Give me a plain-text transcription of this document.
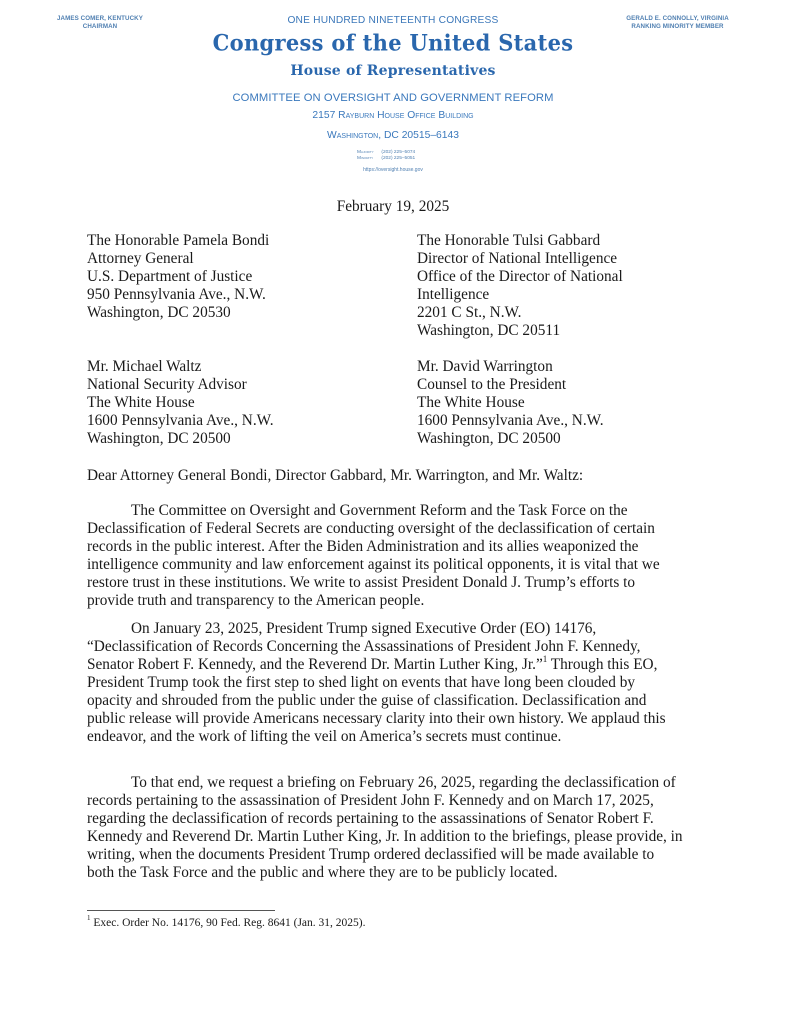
JAMES COMER, KENTUCKY
CHAIRMAN
GERALD E. CONNOLLY, VIRGINIA
RANKING MINORITY MEMBER
ONE HUNDRED NINETEENTH CONGRESS
Congress of the United States
House of Representatives
COMMITTEE ON OVERSIGHT AND GOVERNMENT REFORM
2157 Rayburn House Office Building
Washington, DC 20515–6143
Majority (202) 225–5074
Minority (202) 225–5051
https://oversight.house.gov
February 19, 2025
The Honorable Pamela Bondi
Attorney General
U.S. Department of Justice
950 Pennsylvania Ave., N.W.
Washington, DC 20530
The Honorable Tulsi Gabbard
Director of National Intelligence
Office of the Director of National
Intelligence
2201 C St., N.W.
Washington, DC 20511
Mr. Michael Waltz
National Security Advisor
The White House
1600 Pennsylvania Ave., N.W.
Washington, DC 20500
Mr. David Warrington
Counsel to the President
The White House
1600 Pennsylvania Ave., N.W.
Washington, DC 20500
Dear Attorney General Bondi, Director Gabbard, Mr. Warrington, and Mr. Waltz:
The Committee on Oversight and Government Reform and the Task Force on the
Declassification of Federal Secrets are conducting oversight of the declassification of certain
records in the public interest. After the Biden Administration and its allies weaponized the
intelligence community and law enforcement against its political opponents, it is vital that we
restore trust in these institutions. We write to assist President Donald J. Trump’s efforts to
provide truth and transparency to the American people.
On January 23, 2025, President Trump signed Executive Order (EO) 14176,
“Declassification of Records Concerning the Assassinations of President John F. Kennedy,
Senator Robert F. Kennedy, and the Reverend Dr. Martin Luther King, Jr.”$^1$ Through this EO,
President Trump took the first step to shed light on events that have long been clouded by
opacity and shrouded from the public under the guise of classification. Declassification and
public release will provide Americans necessary clarity into their own history. We applaud this
endeavor, and the work of lifting the veil on America’s secrets must continue.
To that end, we request a briefing on February 26, 2025, regarding the declassification of
records pertaining to the assassination of President John F. Kennedy and on March 17, 2025,
regarding the declassification of records pertaining to the assassinations of Senator Robert F.
Kennedy and Reverend Dr. Martin Luther King, Jr. In addition to the briefings, please provide, in
writing, when the documents President Trump ordered declassified will be made available to
both the Task Force and the public and where they are to be publicly located.
$^1$ Exec. Order No. 14176, 90 Fed. Reg. 8641 (Jan. 31, 2025).
